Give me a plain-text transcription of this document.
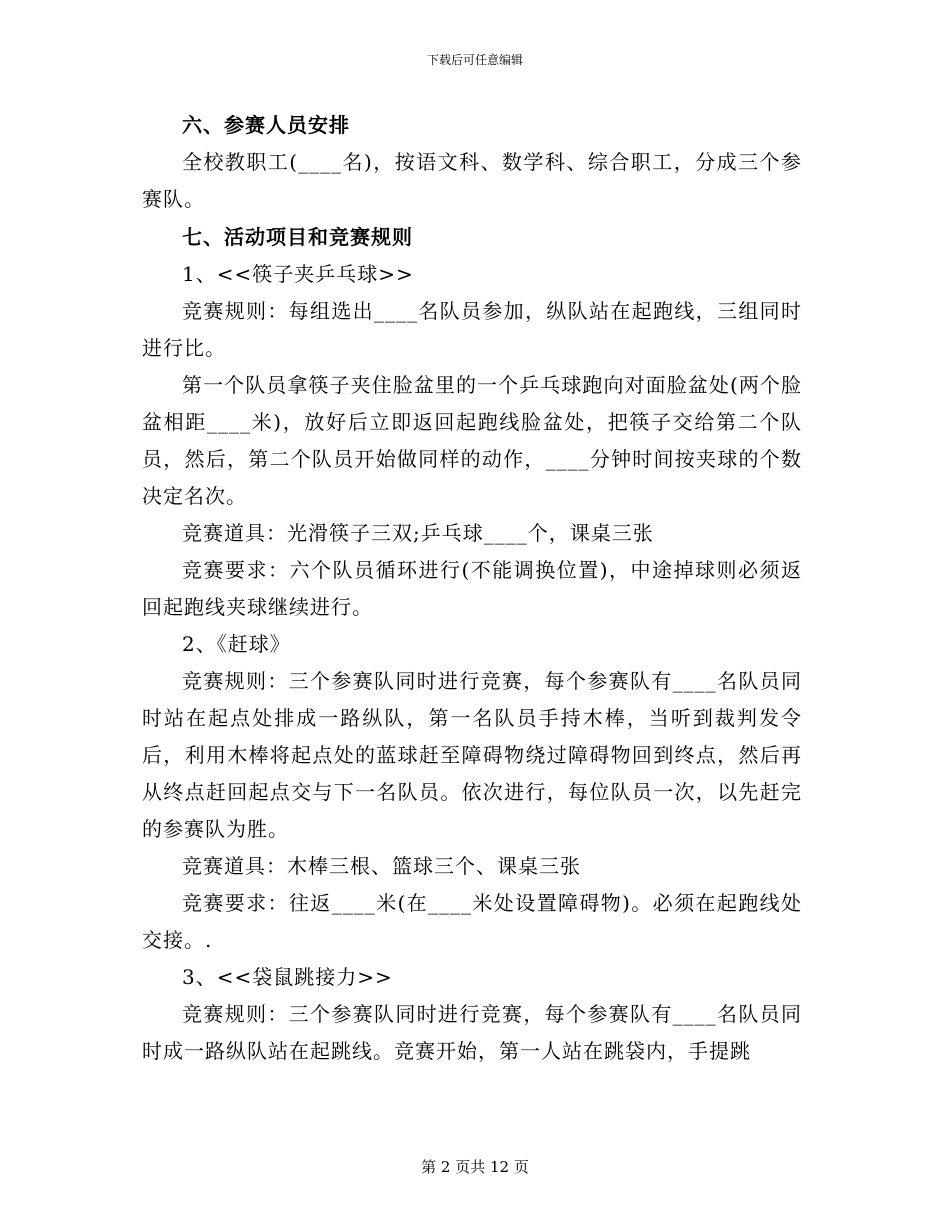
下载后可任意编辑

六、参赛人员安排

全校教职工(____名)，按语文科、数学科、综合职工，分成三个参赛队。

七、活动项目和竞赛规则

1、<<筷子夹乒乓球>>

竞赛规则：每组选出____名队员参加，纵队站在起跑线，三组同时进行比。

第一个队员拿筷子夹住脸盆里的一个乒乓球跑向对面脸盆处(两个脸盆相距____米)，放好后立即返回起跑线脸盆处，把筷子交给第二个队员，然后，第二个队员开始做同样的动作，____分钟时间按夹球的个数决定名次。

竞赛道具：光滑筷子三双;乒乓球____个，课桌三张

竞赛要求：六个队员循环进行(不能调换位置)，中途掉球则必须返回起跑线夹球继续进行。

2、《赶球》

竞赛规则：三个参赛队同时进行竞赛，每个参赛队有____名队员同时站在起点处排成一路纵队，第一名队员手持木棒，当听到裁判发令后，利用木棒将起点处的蓝球赶至障碍物绕过障碍物回到终点，然后再从终点赶回起点交与下一名队员。依次进行，每位队员一次，以先赶完的参赛队为胜。

竞赛道具：木棒三根、篮球三个、课桌三张

竞赛要求：往返____米(在____米处设置障碍物)。必须在起跑线处交接。.

3、<<袋鼠跳接力>>

竞赛规则：三个参赛队同时进行竞赛，每个参赛队有____名队员同时成一路纵队站在起跳线。竞赛开始，第一人站在跳袋内，手提跳

第 2 页共 12 页
